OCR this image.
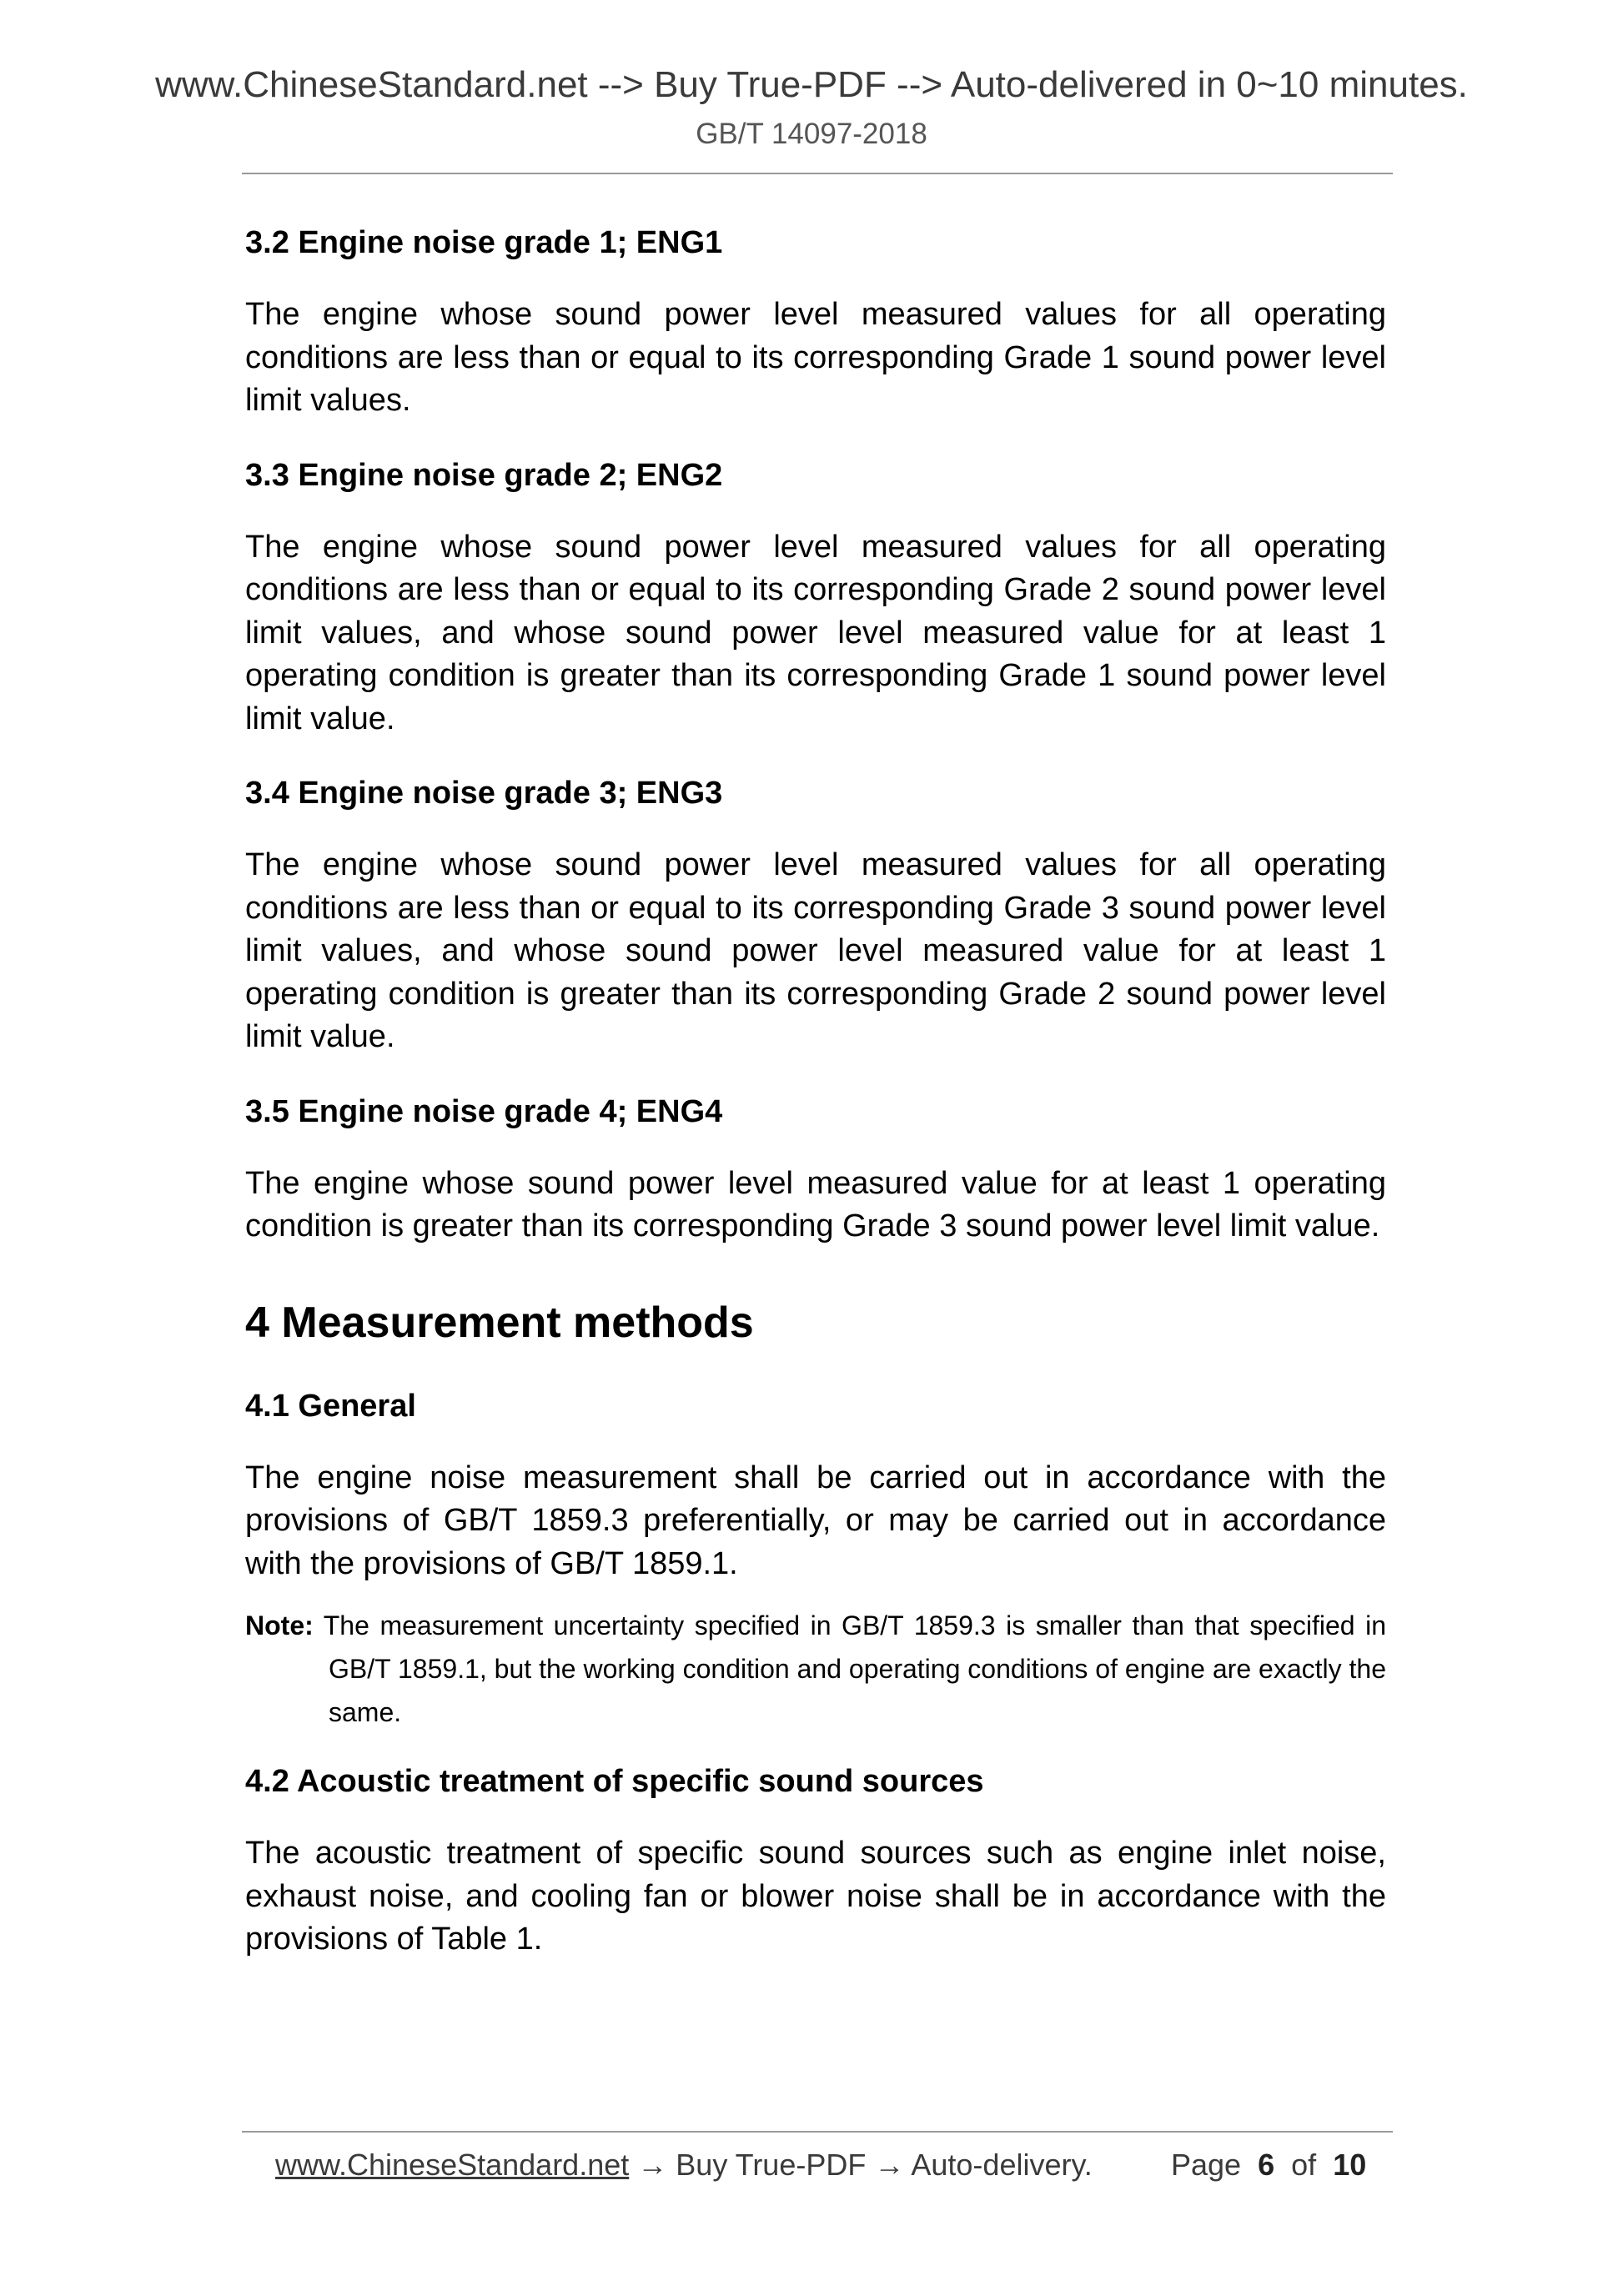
www.ChineseStandard.net --> Buy True-PDF --> Auto-delivered in 0~10 minutes.
GB/T 14097-2018

3.2 Engine noise grade 1; ENG1

The engine whose sound power level measured values for all operating conditions are less than or equal to its corresponding Grade 1 sound power level limit values.

3.3 Engine noise grade 2; ENG2

The engine whose sound power level measured values for all operating conditions are less than or equal to its corresponding Grade 2 sound power level limit values, and whose sound power level measured value for at least 1 operating condition is greater than its corresponding Grade 1 sound power level limit value.

3.4 Engine noise grade 3; ENG3

The engine whose sound power level measured values for all operating conditions are less than or equal to its corresponding Grade 3 sound power level limit values, and whose sound power level measured value for at least 1 operating condition is greater than its corresponding Grade 2 sound power level limit value.

3.5 Engine noise grade 4; ENG4

The engine whose sound power level measured value for at least 1 operating condition is greater than its corresponding Grade 3 sound power level limit value.

4 Measurement methods

4.1 General

The engine noise measurement shall be carried out in accordance with the provisions of GB/T 1859.3 preferentially, or may be carried out in accordance with the provisions of GB/T 1859.1.

Note: The measurement uncertainty specified in GB/T 1859.3 is smaller than that specified in GB/T 1859.1, but the working condition and operating conditions of engine are exactly the same.

4.2 Acoustic treatment of specific sound sources

The acoustic treatment of specific sound sources such as engine inlet noise, exhaust noise, and cooling fan or blower noise shall be in accordance with the provisions of Table 1.

www.ChineseStandard.net → Buy True-PDF → Auto-delivery.	Page 6 of 10
